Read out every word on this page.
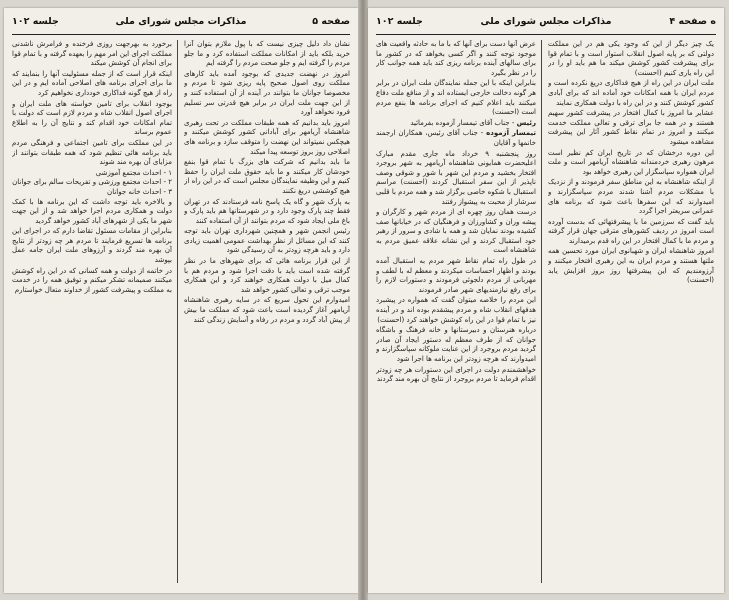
صفحه ۵
مذاکرات مجلس شورای ملی
جلسه ۱۰۲

نشان داد دلیل چیزی نیست که با پول ملازم بتوان آنرا خرید بلکه باید از امکانات مملکت استفاده کرد و ما جلو مردم را گرفته ایم و جلو صحت مردم را گرفته ایم

امروز در نهضت جدیدی که بوجود آمده باید کارهای مملکت روی اصول صحیح پایه ریزی شود تا مردم و مخصوصا جوانان ما بتوانند در آینده از آن استفاده کنند و از این جهت ملت ایران در برابر هیچ قدرتی سر تسلیم فرود نخواهد آورد

امروز باید بدانیم که همه طبقات مملکت در تحت رهبری شاهنشاه آریامهر برای آبادانی کشور کوشش میکنند و هیچکس نمیتواند این نهضت را متوقف سازد و برنامه های اصلاحی روز بروز توسعه پیدا میکند

ما باید بدانیم که شرکت های بزرگ با تمام قوا بنفع خودشان کار میکنند و ما باید حقوق ملت ایران را حفظ کنیم و این وظیفه نمایندگان مجلس است که در این راه از هیچ کوششی دریغ نکنند

به پارک شهر و گاه یک پاسخ نامه فرستادند که در تهران فقط چند پارک وجود دارد و در شهرستانها هم باید پارک و باغ ملی ایجاد شود که مردم بتوانند از آن استفاده کنند

رئیس انجمن شهر و همچنین شهرداری تهران باید توجه کنند که این مسائل از نظر بهداشت عمومی اهمیت زیادی دارد و باید هرچه زودتر به آن رسیدگی شود

از این قرار برنامه هائی که برای شهرهای ما در نظر گرفته شده است باید با دقت اجرا شود و مردم هم با کمال میل با دولت همکاری خواهند کرد و این همکاری موجب ترقی و تعالی کشور خواهد شد

امیدوارم این تحول سریع که در سایه رهبری شاهنشاه آریامهر آغاز گردیده است باعث شود که مملکت ما بیش از پیش آباد گردد و مردم در رفاه و آسایش زندگی کنند

برخورد به بهرجهت روزی فرخنده و فرامرش ناشدنی مملکت اجرای این امر مهم را بعهده گرفته و با تمام قوا برای انجام آن کوشش میکند

اینکه قرار است که از جمله مسئولیت آنها را بنمایند که ما برای اجرای برنامه های اصلاحی آماده ایم و در این راه از هیچ گونه فداکاری خودداری نخواهیم کرد

بوجود انقلاب برای تامین خواسته های ملت ایران و اجرای اصول انقلاب شاه و مردم لازم است که دولت با تمام امکانات خود اقدام کند و نتایج آن را به اطلاع عموم برساند

در این مملکت برای تامین اجتماعی و فرهنگی مردم باید برنامه هائی تنظیم شود که همه طبقات بتوانند از مزایای آن بهره مند شوند

۱ - احداث مجتمع آموزشی

۲ - احداث مجتمع ورزشی و تفریحات سالم برای جوانان

۳ - احداث خانه جوانان

و بالاخره باید توجه داشت که این برنامه ها با کمک دولت و همکاری مردم اجرا خواهد شد و از این جهت شهر ما یکی از شهرهای آباد کشور خواهد گردید

بنابراین از مقامات مسئول تقاضا دارم که در اجرای این برنامه ها تسریع فرمایند تا مردم هر چه زودتر از نتایج آن بهره مند گردند و آرزوهای ملت ایران جامه عمل بپوشد

در خاتمه از دولت و همه کسانی که در این راه کوشش میکنند صمیمانه تشکر میکنم و توفیق همه را در خدمت به مملکت و پیشرفت کشور از خداوند متعال خواستارم

ه صفحه ۴
مذاکرات مجلس شورای ملی
جلسه ۱۰۲

یک چیز دیگر از این که وجود یکی هم در این مملکت دولتی که بر پایه اصول انقلاب استوار است و با تمام قوا برای پیشرفت کشور کوشش میکند ما هم باید او را در این راه یاری کنیم (احسنت)

ملت ایران در این راه از هیچ فداکاری دریغ نکرده است و مردم ایران با همه امکانات خود آماده اند که برای آبادی کشور کوشش کنند و در این راه با دولت همکاری نمایند

عشایر ما امروز با کمال افتخار در پیشرفت کشور سهیم هستند و در همه جا برای ترقی و تعالی مملکت خدمت میکنند و امروز در تمام نقاط کشور آثار این پیشرفت مشاهده میشود

این دوره درخشان که در تاریخ ایران کم نظیر است مرهون رهبری خردمندانه شاهنشاه آریامهر است و ملت ایران همواره سپاسگزار این رهبری خواهد بود

از اینکه شاهنشاه به این مناطق سفر فرمودند و از نزدیک با مشکلات مردم آشنا شدند مردم سپاسگزارند و امیدوارند که این سفرها باعث شود که برنامه های عمرانی سریعتر اجرا گردد

باید گفت که سرزمین ما با پیشرفتهائی که بدست آورده است امروز در ردیف کشورهای مترقی جهان قرار گرفته و مردم ما با کمال افتخار در این راه قدم برمیدارند

امروز شاهنشاه ایران و شهبانوی ایران مورد تحسین همه ملتها هستند و مردم ایران به این رهبری افتخار میکنند و آرزومندیم که این پیشرفتها روز بروز افزایش یابد (احسنت)

عرض آنها دست برای آنها که با ما به حادثه واقعیت های موجود توجه کنند و اگر کسی بخواهد که در کشور ما برای سالهای آینده برنامه ریزی کند باید همه جوانب کار را در نظر بگیرد

بنابراین اینکه با این جمله نمایندگان ملت ایران در برابر هر گونه دخالت خارجی ایستاده اند و از منافع ملت دفاع میکنند باید اعلام کنیم که اجرای برنامه ها بنفع مردم است (احسنت)

رئیس - جناب آقای تیمسار آزموده بفرمائید

تیمسار آزموده - جناب آقای رئیس، همکاران ارجمند خانمها و آقایان

روز پنجشنبه ۹ خرداد ماه جاری مقدم مبارک اعلیحضرت همایونی شاهنشاه آریامهر به شهر بروجرد افتخار بخشید و مردم این شهر با شور و شوقی وصف ناپذیر از این سفر استقبال کردند (احسنت) مراسم استقبال با شکوه خاصی برگزار شد و همه مردم با قلبی سرشار از محبت به پیشواز رفتند

درست همان روز چهره ای از مردم شهر و کارگران و پیشه وران و کشاورزان و فرهنگیان که در خیابانها صف کشیده بودند نمایان شد و همه با شادی و سرور از رهبر خود استقبال کردند و این نشانه علاقه عمیق مردم به شاهنشاه است

در طول راه تمام نقاط شهر مردم به استقبال آمده بودند و اظهار احساسات میکردند و معظم له با لطف و مهربانی از مردم دلجوئی فرمودند و دستورات لازم را برای رفع نیازمندیهای شهر صادر فرمودند

این مردم را خلاصه میتوان گفت که همواره در پیشبرد هدفهای انقلاب شاه و مردم پیشقدم بوده اند و در آینده نیز با تمام قوا در این راه کوشش خواهند کرد (احسنت)

درباره هنرستان و دبیرستانها و خانه فرهنگ و باشگاه جوانان که از طرف معظم له دستور ایجاد آن صادر گردید مردم بروجرد از این عنایت ملوکانه سپاسگزارند و امیدوارند که هرچه زودتر این برنامه ها اجرا شود

خواهشمندم دولت در اجرای این دستورات هر چه زودتر اقدام فرماید تا مردم بروجرد از نتایج آن بهره مند گردند
